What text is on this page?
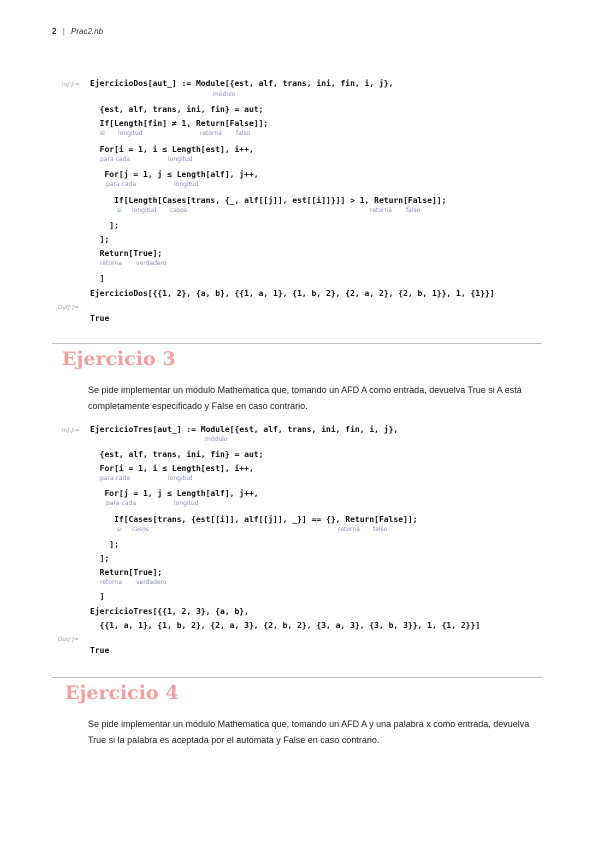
2 | Prac2.nb
In[ ]:= EjercicioDos[aut_] := Module[{est, alf, trans, ini, fin, i, j},
módulo
{est, alf, trans, ini, fin} = aut;
If[Length[fin] ≠ 1, Return[False]];
si longitud	retorna falso
For[i = 1, i ≤ Length[est], i++,
para cada	longitud
For[j = 1, j ≤ Length[alf], j++,
para cada	longitud
If[Length[Cases[trans, {_, alf[[j]], est[[i]]}]] > 1, Return[False]];
si longitud casos	retorna falso
];
];
Return[True];
retorna verdadero
]
EjercicioDos[{{1, 2}, {a, b}, {{1, a, 1}, {1, b, 2}, {2, a, 2}, {2, b, 1}}, 1, {1}}]
Out[ ]=
True
Ejercicio 3
Se pide implementar un módulo Mathematica que, tomando un AFD A como entrada, devuelva True si A está completamente especificado y False en caso contrario.
In[ ]:= EjercicioTres[aut_] := Module[{est, alf, trans, ini, fin, i, j},
módulo
{est, alf, trans, ini, fin} = aut;
For[i = 1, i ≤ Length[est], i++,
para cada	longitud
For[j = 1, j ≤ Length[alf], j++,
para cada	longitud
If[Cases[trans, {est[[i]], alf[[j]], _}] == {}, Return[False]];
si casos	retorna falso
];
];
Return[True];
retorna verdadero
]
EjercicioTres[{{1, 2, 3}, {a, b},
{{1, a, 1}, {1, b, 2}, {2, a, 3}, {2, b, 2}, {3, a, 3}, {3, b, 3}}, 1, {1, 2}}]
Out[ ]=
True
Ejercicio 4
Se pide implementar un módulo Mathematica que, tomando un AFD A y una palabra x como entrada, devuelva True si la palabra es aceptada por el autómata y False en caso contrario.
